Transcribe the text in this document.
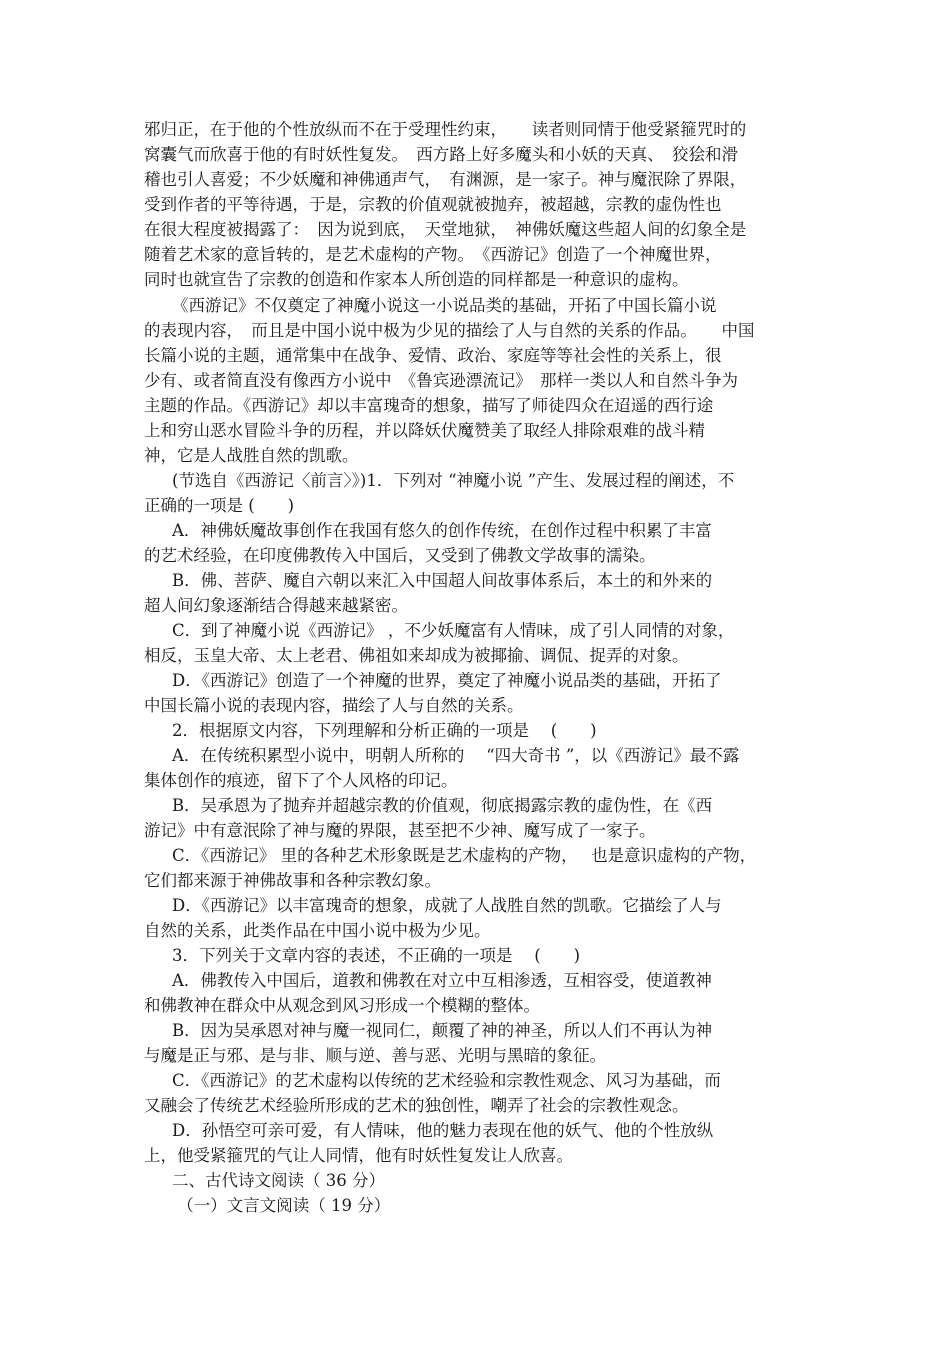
邪归正，在于他的个性放纵而不在于受理性约束，　　读者则同情于他受紧箍咒时的
窝囊气而欣喜于他的有时妖性复发。　西方路上好多魔头和小妖的天真、　狡狯和滑
稽也引人喜爱；不少妖魔和神佛通声气，　有渊源，是一家子。神与魔泯除了界限，
受到作者的平等待遇，于是，宗教的价值观就被抛弃，被超越，宗教的虚伪性也
在很大程度被揭露了：　因为说到底，　天堂地狱，　神佛妖魔这些超人间的幻象全是
随着艺术家的意旨转的，是艺术虚构的产物。　《西游记》创造了一个神魔世界，
同时也就宣告了宗教的创造和作家本人所创造的同样都是一种意识的虚构。
《西游记》不仅奠定了神魔小说这一小说品类的基础，开拓了中国长篇小说
的表现内容，　而且是中国小说中极为少见的描绘了人与自然的关系的作品。　　中国
长篇小说的主题，通常集中在战争、爱情、政治、家庭等等社会性的关系上，很
少有、或者简直没有像西方小说中　《鲁宾逊漂流记》　那样一类以人和自然斗争为
主题的作品。《西游记》却以丰富瑰奇的想象，描写了师徒四众在迢遥的西行途
上和穷山恶水冒险斗争的历程，并以降妖伏魔赞美了取经人排除艰难的战斗精
神，它是人战胜自然的凯歌。
(节选自《西游记〈前言〉》)1．下列对 “神魔小说 ”产生、发展过程的阐述，不
正确的一项是 (　　)
A．神佛妖魔故事创作在我国有悠久的创作传统，在创作过程中积累了丰富
的艺术经验，在印度佛教传入中国后，又受到了佛教文学故事的濡染。
B．佛、菩萨、魔自六朝以来汇入中国超人间故事体系后，本土的和外来的
超人间幻象逐渐结合得越来越紧密。
C．到了神魔小说《西游记》 ，不少妖魔富有人情味，成了引人同情的对象，
相反，玉皇大帝、太上老君、佛祖如来却成为被揶揄、调侃、捉弄的对象。
D．《西游记》创造了一个神魔的世界，奠定了神魔小说品类的基础，开拓了
中国长篇小说的表现内容，描绘了人与自然的关系。
2．根据原文内容，下列理解和分析正确的一项是　 (　　)
A．在传统积累型小说中，明朝人所称的　 “四大奇书 ”，以《西游记》最不露
集体创作的痕迹，留下了个人风格的印记。
B．吴承恩为了抛弃并超越宗教的价值观，彻底揭露宗教的虚伪性，在《西
游记》中有意泯除了神与魔的界限，甚至把不少神、魔写成了一家子。
C．《西游记》 里的各种艺术形象既是艺术虚构的产物，　 也是意识虚构的产物，
它们都来源于神佛故事和各种宗教幻象。
D．《西游记》以丰富瑰奇的想象，成就了人战胜自然的凯歌。它描绘了人与
自然的关系，此类作品在中国小说中极为少见。
3．下列关于文章内容的表述，不正确的一项是　 (　　)
A．佛教传入中国后，道教和佛教在对立中互相渗透，互相容受，使道教神
和佛教神在群众中从观念到风习形成一个模糊的整体。
B．因为吴承恩对神与魔一视同仁，颠覆了神的神圣，所以人们不再认为神
与魔是正与邪、是与非、顺与逆、善与恶、光明与黑暗的象征。
C．《西游记》的艺术虚构以传统的艺术经验和宗教性观念、风习为基础，而
又融会了传统艺术经验所形成的艺术的独创性，嘲弄了社会的宗教性观念。
D．孙悟空可亲可爱，有人情味，他的魅力表现在他的妖气、他的个性放纵
上，他受紧箍咒的气让人同情，他有时妖性复发让人欣喜。
二、古代诗文阅读（ 36 分）
（一）文言文阅读（ 19 分）
